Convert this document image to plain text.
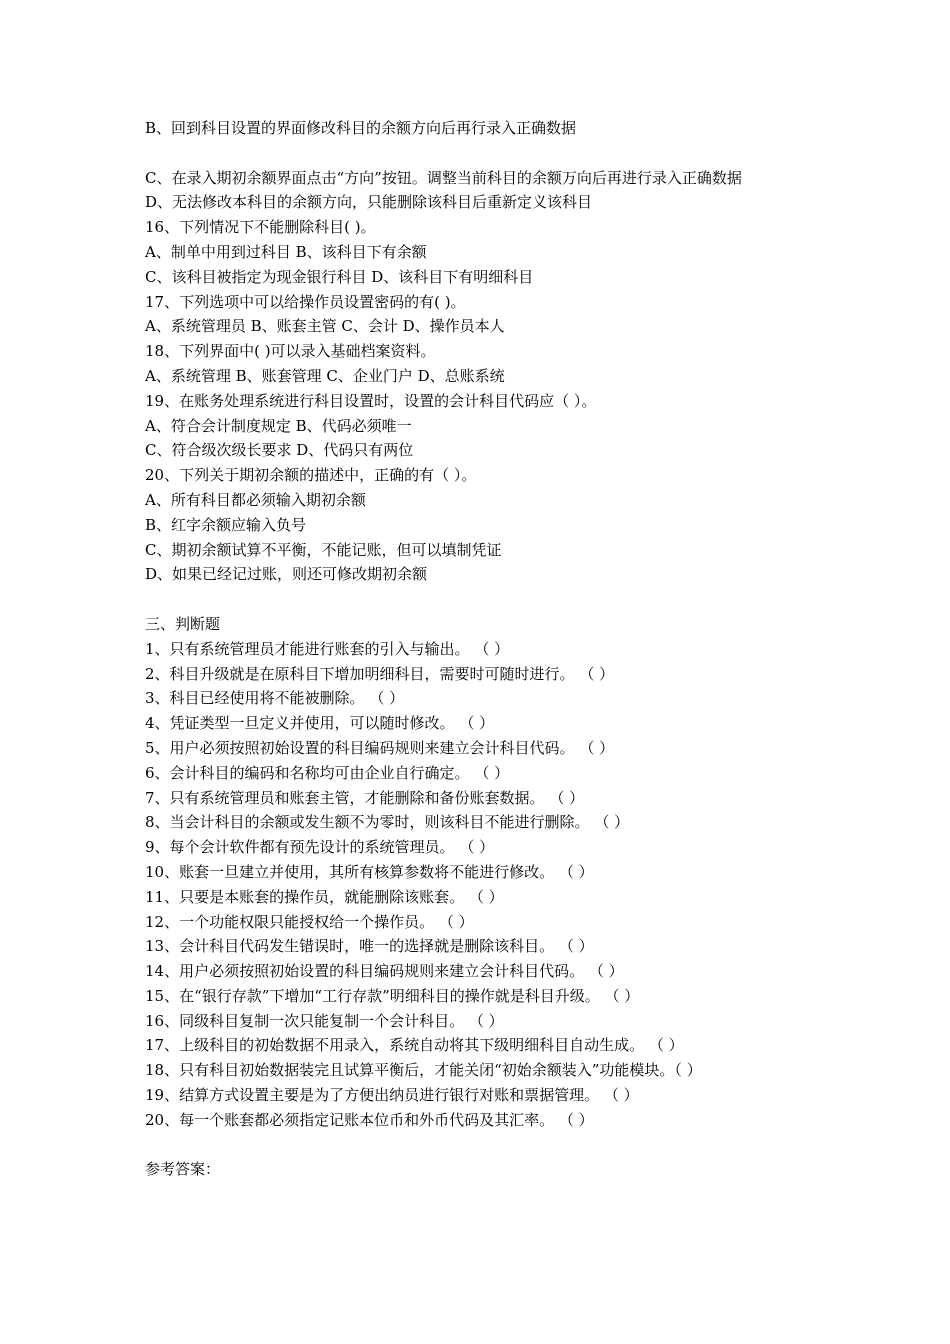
B、回到科目设置的界面修改科目的余额方向后再行录入正确数据
C、在录入期初余额界面点击“方向”按钮。调整当前科目的余额万向后再进行录入正确数据
D、无法修改本科目的余额方向，只能删除该科目后重新定义该科目
16、下列情况下不能删除科目( )。
A、制单中用到过科目 B、该科目下有余额
C、该科目被指定为现金银行科目 D、该科目下有明细科目
17、下列选项中可以给操作员设置密码的有( )。
A、系统管理员 B、账套主管 C、会计 D、操作员本人
18、下列界面中( )可以录入基础档案资料。
A、系统管理 B、账套管理 C、企业门户 D、总账系统
19、在账务处理系统进行科目设置时，设置的会计科目代码应（ ）。
A、符合会计制度规定 B、代码必须唯一
C、符合级次级长要求 D、代码只有两位
20、下列关于期初余额的描述中，正确的有（ ）。
A、所有科目都必须输入期初余额
B、红字余额应输入负号
C、期初余额试算不平衡，不能记账，但可以填制凭证
D、如果已经记过账，则还可修改期初余额
三、判断题
1、只有系统管理员才能进行账套的引入与输出。 （ ）
2、科目升级就是在原科目下增加明细科目，需要时可随时进行。 （ ）
3、科目已经使用将不能被删除。 （ ）
4、凭证类型一旦定义并使用，可以随时修改。 （ ）
5、用户必须按照初始设置的科目编码规则来建立会计科目代码。 （ ）
6、会计科目的编码和名称均可由企业自行确定。 （ ）
7、只有系统管理员和账套主管，才能删除和备份账套数据。 （ ）
8、当会计科目的余额或发生额不为零时，则该科目不能进行删除。 （ ）
9、每个会计软件都有预先设计的系统管理员。 （ ）
10、账套一旦建立并使用，其所有核算参数将不能进行修改。 （ ）
11、只要是本账套的操作员，就能删除该账套。 （ ）
12、一个功能权限只能授权给一个操作员。 （ ）
13、会计科目代码发生错误时，唯一的选择就是删除该科目。 （ ）
14、用户必须按照初始设置的科目编码规则来建立会计科目代码。 （ ）
15、在“银行存款”下增加“工行存款”明细科目的操作就是科目升级。 （ ）
16、同级科目复制一次只能复制一个会计科目。 （ ）
17、上级科目的初始数据不用录入，系统自动将其下级明细科目自动生成。 （ ）
18、只有科目初始数据装完且试算平衡后，才能关闭“初始余额装入”功能模块。（ ）
19、结算方式设置主要是为了方便出纳员进行银行对账和票据管理。 （ ）
20、每一个账套都必须指定记账本位币和外币代码及其汇率。 （ ）
参考答案：
